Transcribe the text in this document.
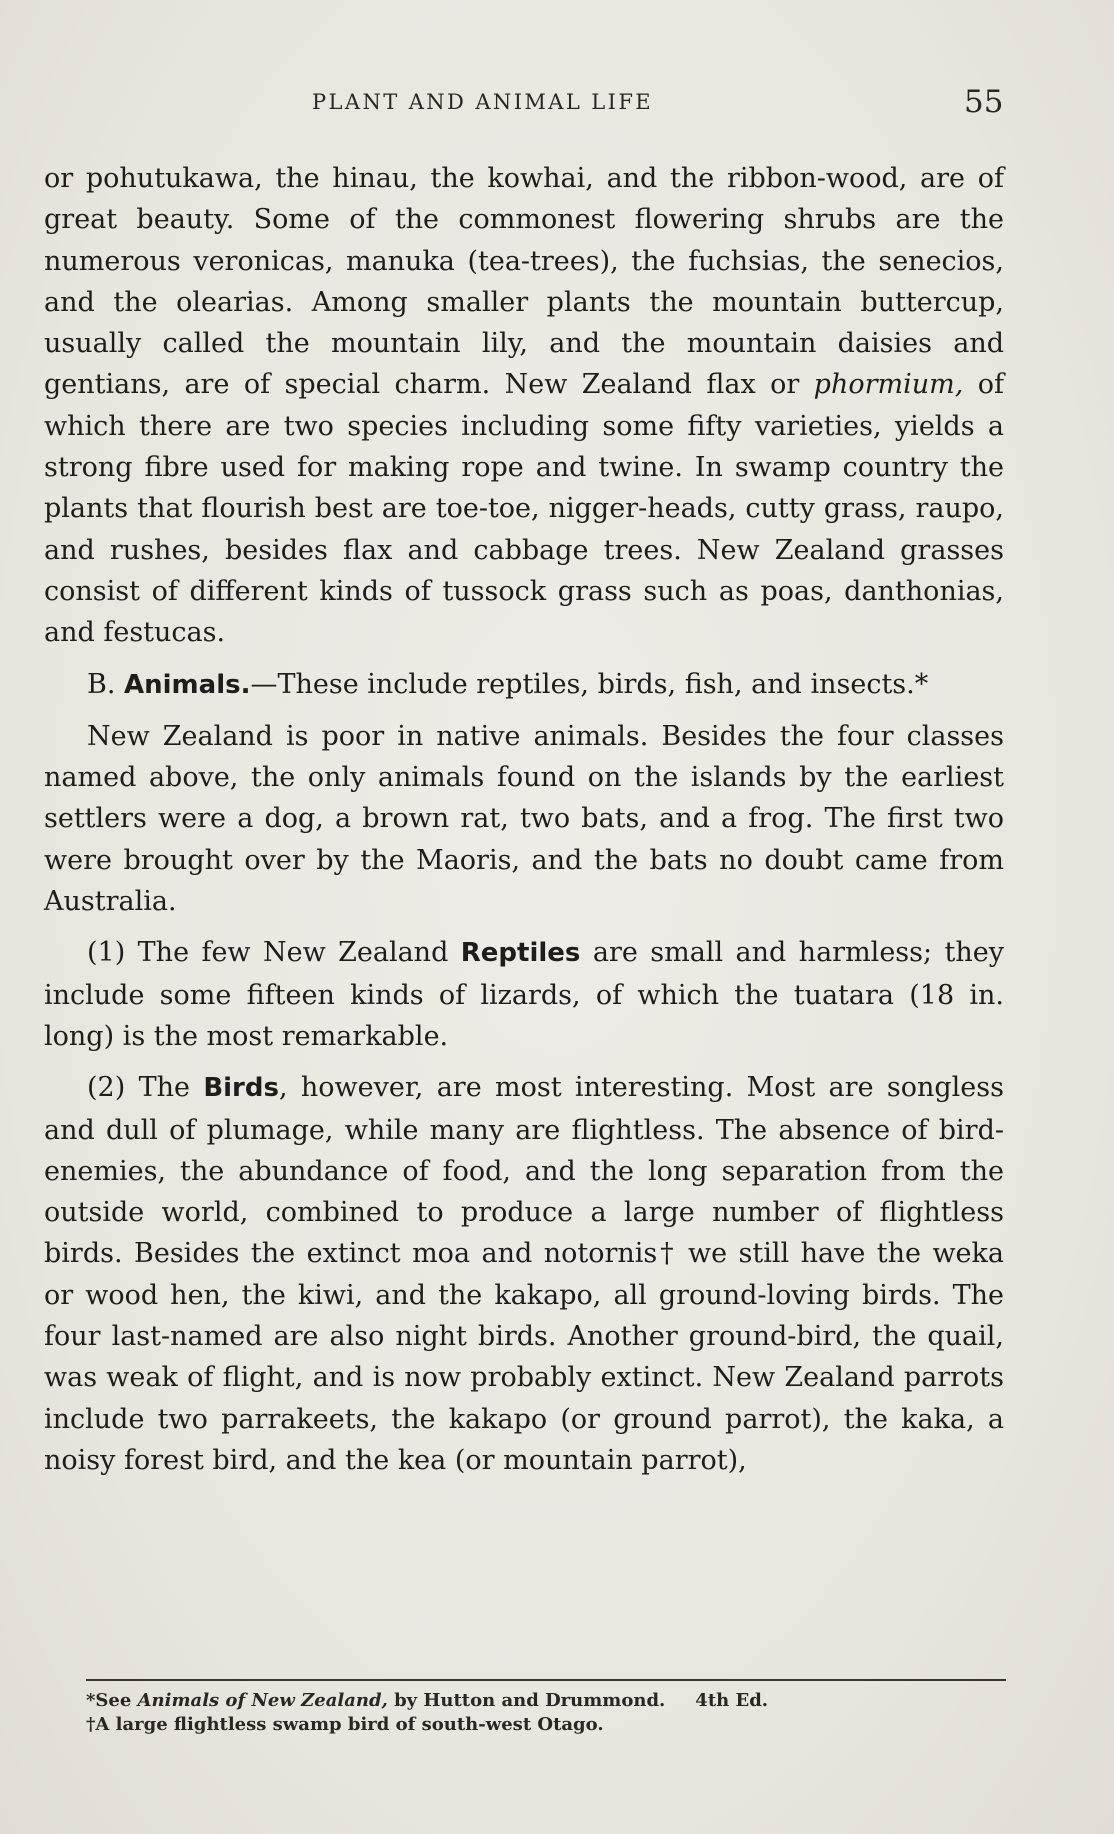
PLANT AND ANIMAL LIFE	55

or pohutukawa, the hinau, the kowhai, and the ribbon-wood, are of great beauty. Some of the commonest flowering shrubs are the numerous veronicas, manuka (tea-trees), the fuchsias, the senecios, and the olearias. Among smaller plants the mountain buttercup, usually called the mountain lily, and the mountain daisies and gentians, are of special charm. New Zealand flax or phormium, of which there are two species including some fifty varieties, yields a strong fibre used for making rope and twine. In swamp country the plants that flourish best are toe-toe, nigger-heads, cutty grass, raupo, and rushes, besides flax and cabbage trees. New Zealand grasses consist of different kinds of tussock grass such as poas, danthonias, and festucas.

B. Animals.—These include reptiles, birds, fish, and insects.*

New Zealand is poor in native animals. Besides the four classes named above, the only animals found on the islands by the earliest settlers were a dog, a brown rat, two bats, and a frog. The first two were brought over by the Maoris, and the bats no doubt came from Australia.

(1) The few New Zealand Reptiles are small and harmless; they include some fifteen kinds of lizards, of which the tuatara (18 in. long) is the most remarkable.

(2) The Birds, however, are most interesting. Most are songless and dull of plumage, while many are flightless. The absence of bird-enemies, the abundance of food, and the long separation from the outside world, combined to produce a large number of flightless birds. Besides the extinct moa and notornis† we still have the weka or wood hen, the kiwi, and the kakapo, all ground-loving birds. The four last-named are also night birds. Another ground-bird, the quail, was weak of flight, and is now probably extinct. New Zealand parrots include two parrakeets, the kakapo (or ground parrot), the kaka, a noisy forest bird, and the kea (or mountain parrot),

*See Animals of New Zealand, by Hutton and Drummond. 4th Ed.
†A large flightless swamp bird of south-west Otago.
